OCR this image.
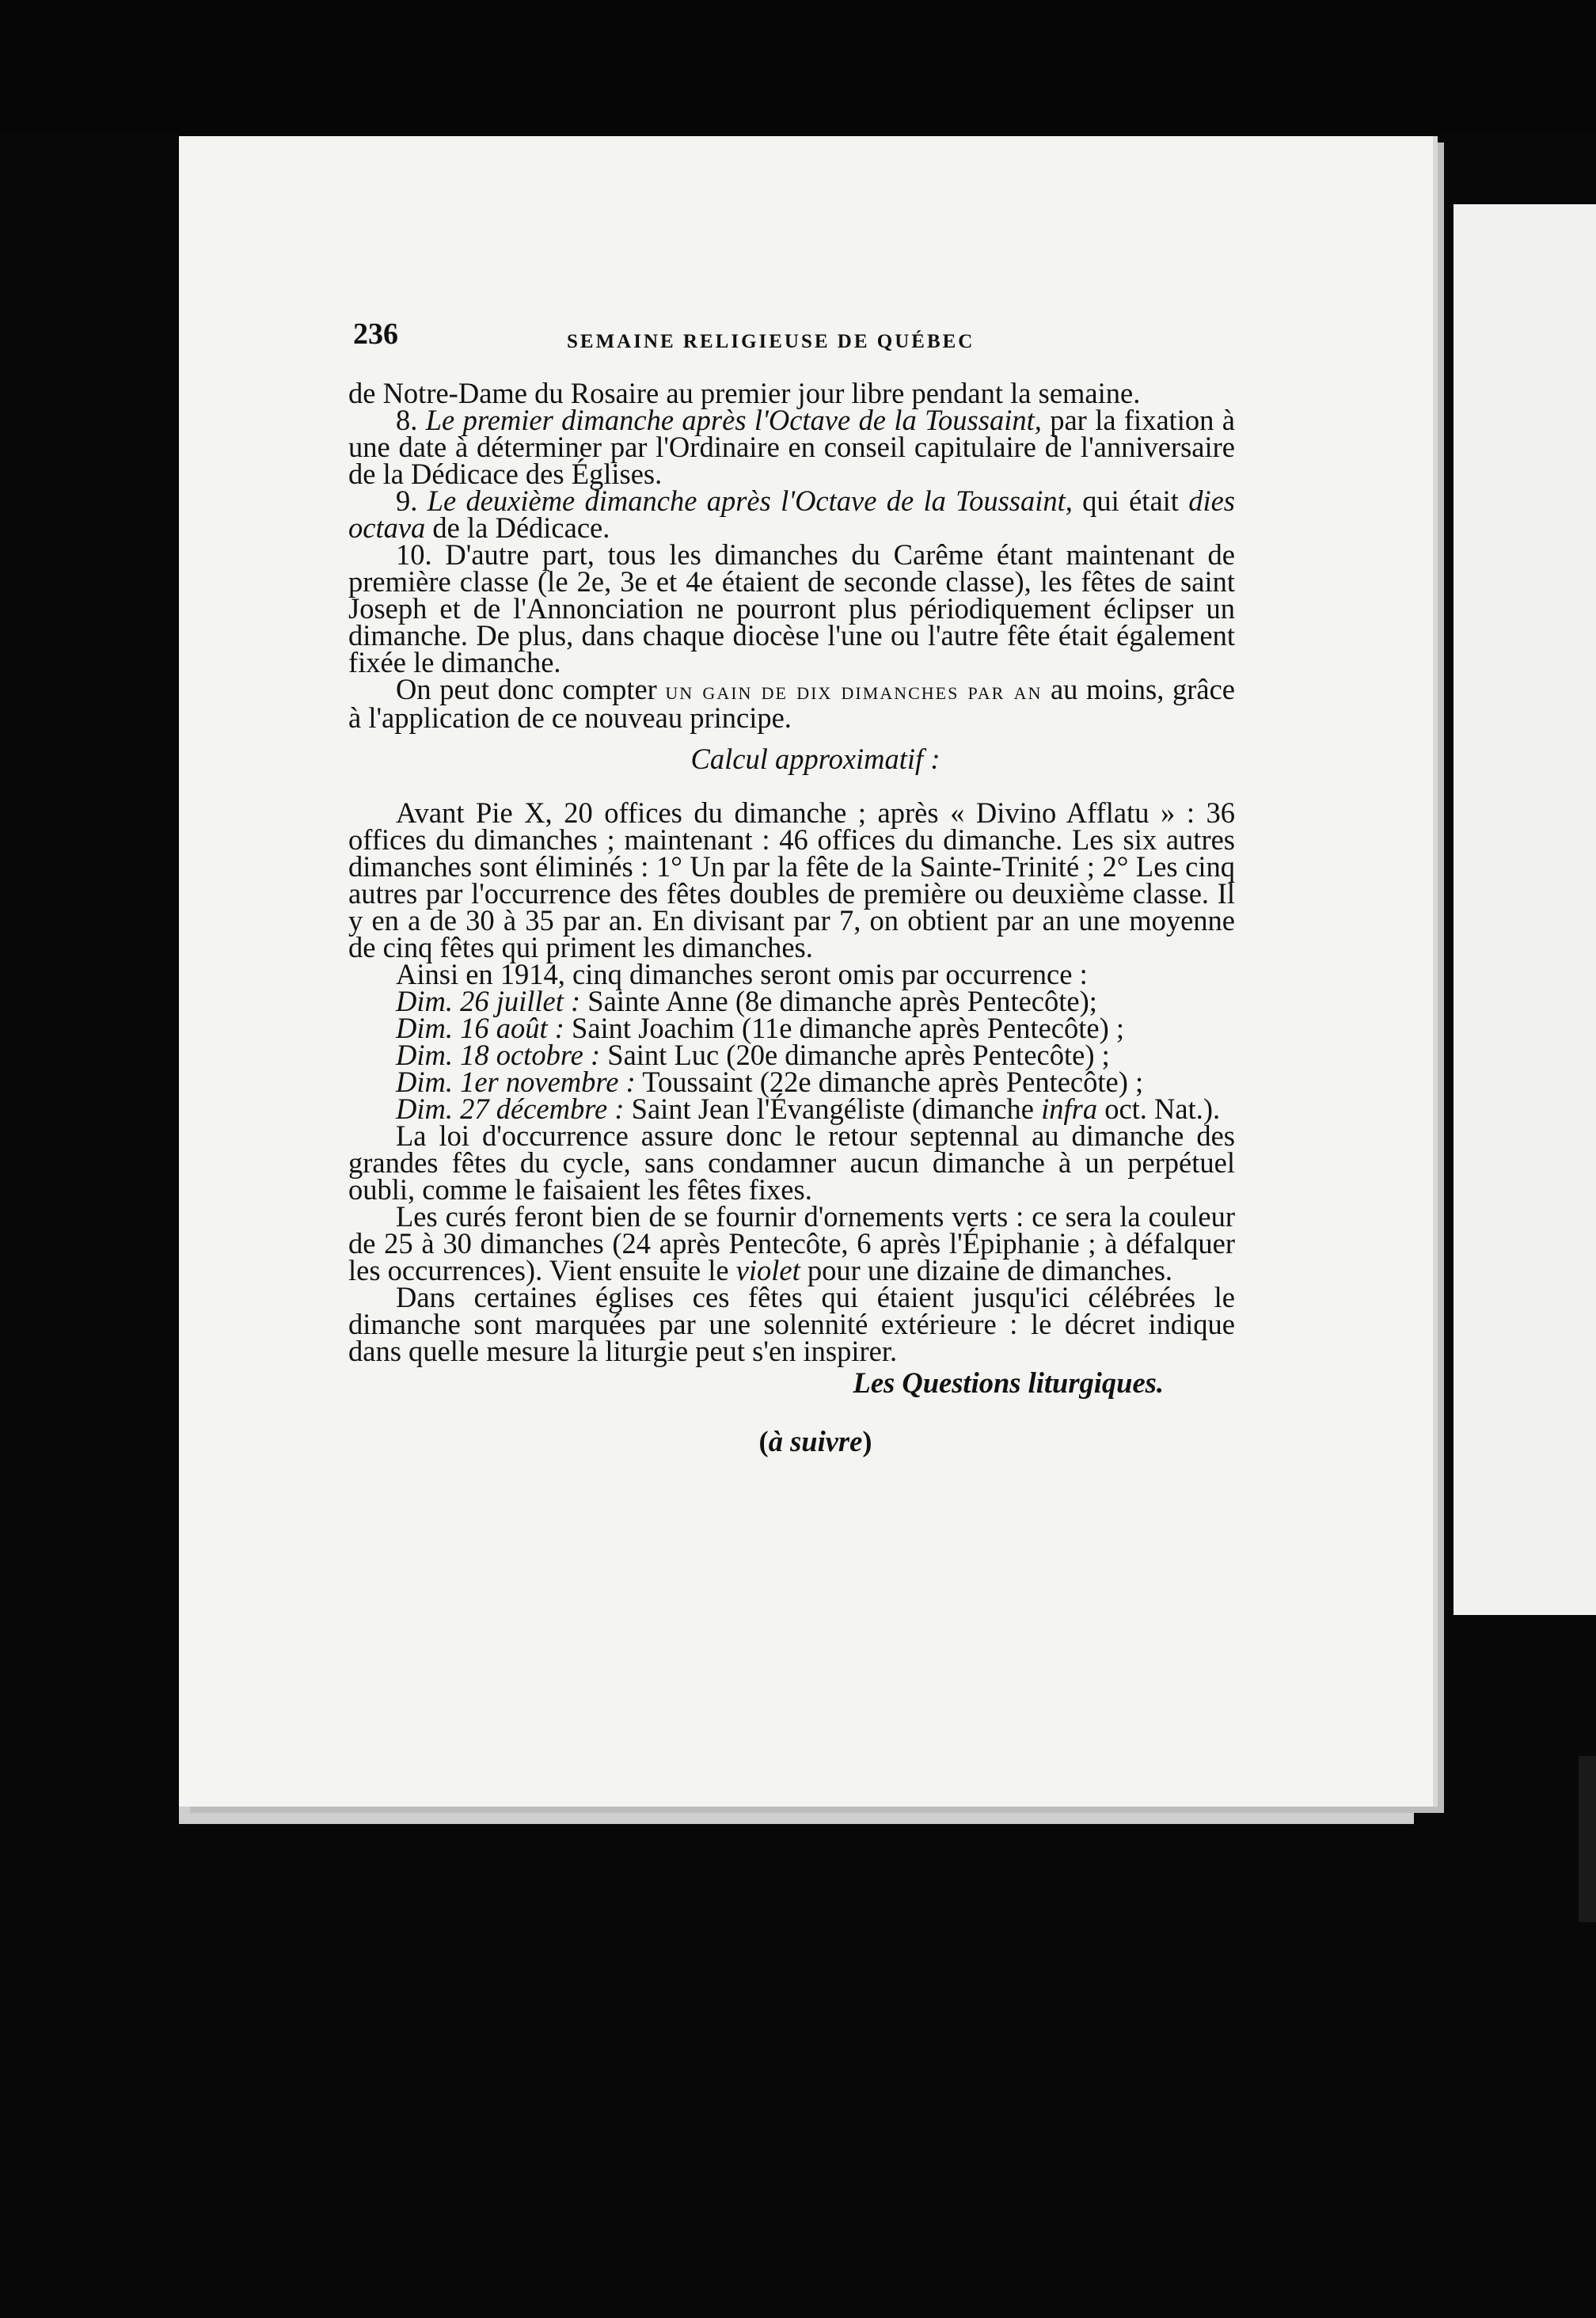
236	SEMAINE RELIGIEUSE DE QUÉBEC

de Notre-Dame du Rosaire au premier jour libre pendant la semaine.

8. Le premier dimanche après l'Octave de la Toussaint, par la fixation à une date à déterminer par l'Ordinaire en conseil capitulaire de l'anniversaire de la Dédicace des Églises.

9. Le deuxième dimanche après l'Octave de la Toussaint, qui était dies octava de la Dédicace.

10. D'autre part, tous les dimanches du Carême étant maintenant de première classe (le 2e, 3e et 4e étaient de seconde classe), les fêtes de saint Joseph et de l'Annonciation ne pourront plus périodiquement éclipser un dimanche. De plus, dans chaque diocèse l'une ou l'autre fête était également fixée le dimanche.

On peut donc compter un gain de dix dimanches par an au moins, grâce à l'application de ce nouveau principe.

Calcul approximatif :

Avant Pie X, 20 offices du dimanche ; après « Divino Afflatu » : 36 offices du dimanches ; maintenant : 46 offices du dimanche. Les six autres dimanches sont éliminés : 1° Un par la fête de la Sainte-Trinité ; 2° Les cinq autres par l'occurrence des fêtes doubles de première ou deuxième classe. Il y en a de 30 à 35 par an. En divisant par 7, on obtient par an une moyenne de cinq fêtes qui priment les dimanches.

Ainsi en 1914, cinq dimanches seront omis par occurrence :

Dim. 26 juillet : Sainte Anne (8e dimanche après Pentecôte);

Dim. 16 août : Saint Joachim (11e dimanche après Pentecôte) ;

Dim. 18 octobre : Saint Luc (20e dimanche après Pentecôte) ;

Dim. 1er novembre : Toussaint (22e dimanche après Pentecôte) ;

Dim. 27 décembre : Saint Jean l'Évangéliste (dimanche infra oct. Nat.).

La loi d'occurrence assure donc le retour septennal au dimanche des grandes fêtes du cycle, sans condamner aucun dimanche à un perpétuel oubli, comme le faisaient les fêtes fixes.

Les curés feront bien de se fournir d'ornements verts : ce sera la couleur de 25 à 30 dimanches (24 après Pentecôte, 6 après l'Épiphanie ; à défalquer les occurrences). Vient ensuite le violet pour une dizaine de dimanches.

Dans certaines églises ces fêtes qui étaient jusqu'ici célébrées le dimanche sont marquées par une solennité extérieure : le décret indique dans quelle mesure la liturgie peut s'en inspirer.

Les Questions liturgiques.

(à suivre)
